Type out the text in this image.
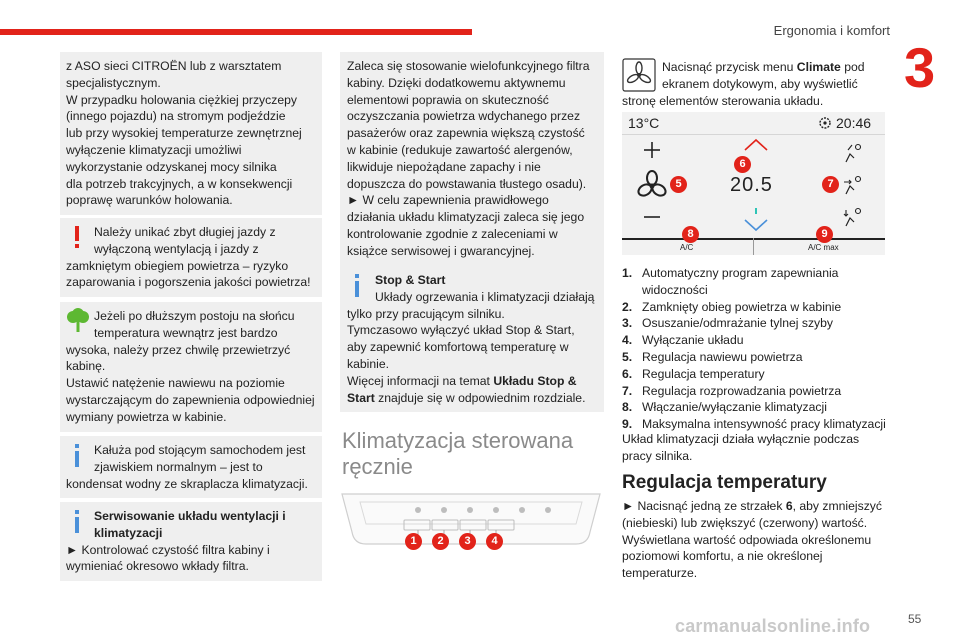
Ergonomia i komfort
3

z ASO sieci CITROËN lub z warsztatem

specjalistycznym.

W przypadku holowania ciężkiej przyczepy

(innego pojazdu) na stromym podjeździe

lub przy wysokiej temperaturze zewnętrznej

wyłączenie klimatyzacji umożliwi

wykorzystanie odzyskanej mocy silnika

dla potrzeb trakcyjnych, a w konsekwencji

poprawę warunków holowania.

Należy unikać zbyt długiej jazdy z

wyłączoną wentylacją i jazdy z

zamkniętym obiegiem powietrza – ryzyko

zaparowania i pogorszenia jakości powietrza!

Jeżeli po dłuższym postoju na słońcu

temperatura wewnątrz jest bardzo

wysoka, należy przez chwilę przewietrzyć

kabinę.

Ustawić natężenie nawiewu na poziomie

wystarczającym do zapewnienia odpowiedniej

wymiany powietrza w kabinie.

Kałuża pod stojącym samochodem jest

zjawiskiem normalnym – jest to

kondensat wodny ze skraplacza klimatyzacji.

Serwisowanie układu wentylacji i

klimatyzacji

► Kontrolować czystość filtra kabiny i

wymieniać okresowo wkłady filtra.

Zaleca się stosowanie wielofunkcyjnego filtra

kabiny. Dzięki dodatkowemu aktywnemu

elementowi poprawia on skuteczność

oczyszczania powietrza wdychanego przez

pasażerów oraz zapewnia większą czystość

w kabinie (redukuje zawartość alergenów,

likwiduje niepożądane zapachy i nie

dopuszcza do powstawania tłustego osadu).

► W celu zapewnienia prawidłowego

działania układu klimatyzacji zaleca się jego

kontrolowanie zgodnie z zaleceniami w

książce serwisowej i gwarancyjnej.

Stop & Start

Układy ogrzewania i klimatyzacji działają

tylko przy pracującym silniku.

Tymczasowo wyłączyć układ Stop & Start,

aby zapewnić komfortową temperaturę w

kabinie.

Więcej informacji na temat Układu Stop &

Start znajduje się w odpowiednim rozdziale.

Klimatyzacja sterowana
ręcznie
1	2	3	4
Nacisnąć przycisk menu Climate pod
ekranem dotykowym, aby wyświetlić
stronę elementów sterowania układu.
13°C	20:46
20.5
A/C	A/C max
5
6
7
8	9
1. Automatyczny program zapewniania
widoczności
2. Zamknięty obieg powietrza w kabinie
3. Osuszanie/odmrażanie tylnej szyby
4. Wyłączanie układu
5. Regulacja nawiewu powietrza
6. Regulacja temperatury
7. Regulacja rozprowadzania powietrza
8. Włączanie/wyłączanie klimatyzacji
9. Maksymalna intensywność pracy klimatyzacji
Układ klimatyzacji działa wyłącznie podczas
pracy silnika.
Regulacja temperatury
► Nacisnąć jedną ze strzałek 6, aby zmniejszyć
(niebieski) lub zwiększyć (czerwony) wartość.
Wyświetlana wartość odpowiada określonemu
poziomowi komfortu, a nie określonej
temperaturze.
carmanualsonline.info	55
